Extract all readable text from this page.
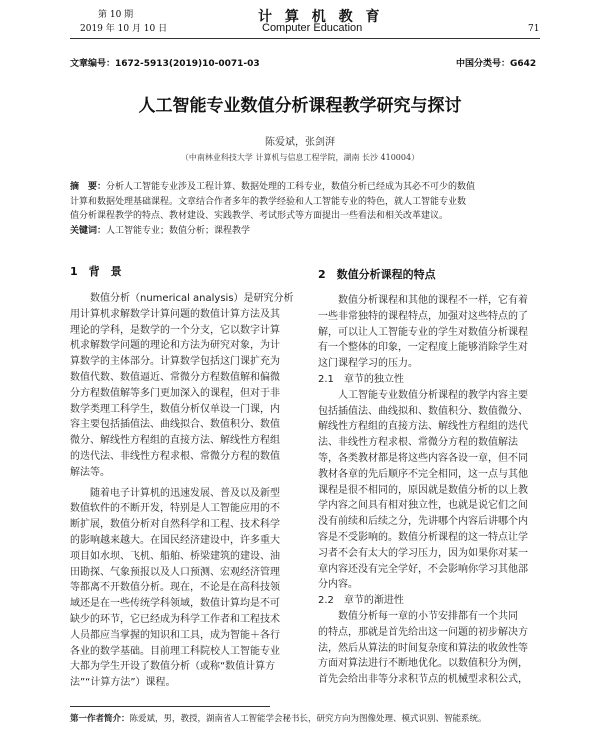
第 10 期
2019 年 10 月 10 日
计 算 机 教 育
Computer Education	71
文章编号：1672-5913(2019)10-0071-03	中国分类号：G642
人工智能专业数值分析课程教学研究与探讨
陈爱斌，张剑湃
（中南林业科技大学 计算机与信息工程学院，湖南 长沙 410004）
摘　要：分析人工智能专业涉及工程计算、数据处理的工科专业，数值分析已经成为其必不可少的数值
计算和数据处理基础课程。文章结合作者多年的教学经验和人工智能专业的特色，就人工智能专业数
值分析课程教学的特点、教材建设、实践教学、考试形式等方面提出一些看法和相关改革建议。
关键词：人工智能专业；数值分析；课程教学
1　背　景
数值分析（numerical analysis）是研究分析
用计算机求解数学计算问题的数值计算方法及其
理论的学科，是数学的一个分支，它以数字计算
机求解数学问题的理论和方法为研究对象，为计
算数学的主体部分。计算数学包括这门课扩充为
数值代数、数值逼近、常微分方程数值解和偏微
分方程数值解等多门更加深入的课程，但对于非
数学类理工科学生，数值分析仅单设一门课，内
容主要包括插值法、曲线拟合、数值积分、数值
微分、解线性方程组的直接方法、解线性方程组
的迭代法、非线性方程求根、常微分方程的数值
解法等。
随着电子计算机的迅速发展、普及以及新型
数值软件的不断开发，特别是人工智能应用的不
断扩展，数值分析对自然科学和工程、技术科学
的影响越来越大。在国民经济建设中，许多重大
项目如水坝、飞机、船舶、桥梁建筑的建设、油
田勘探、气象预报以及人口预测、宏观经济管理
等都离不开数值分析。现在，不论是在高科技领
域还是在一些传统学科领域，数值计算均是不可
缺少的环节，它已经成为科学工作者和工程技术
人员都应当掌握的知识和工具，成为智能＋各行
各业的数学基础。目前理工科院校人工智能专业
大都为学生开设了数值分析（或称“数值计算方
法”“计算方法”）课程。
2　数值分析课程的特点
数值分析课程和其他的课程不一样，它有着
一些非常独特的课程特点，加强对这些特点的了
解，可以让人工智能专业的学生对数值分析课程
有一个整体的印象，一定程度上能够消除学生对
这门课程学习的压力。
2.1　章节的独立性
人工智能专业数值分析课程的教学内容主要
包括插值法、曲线拟和、数值积分、数值微分、
解线性方程组的直接方法、解线性方程组的迭代
法、非线性方程求根、常微分方程的数值解法
等，各类教材都是将这些内容各设一章，但不同
教材各章的先后顺序不完全相同，这一点与其他
课程是很不相同的，原因就是数值分析的以上教
学内容之间具有相对独立性，也就是说它们之间
没有前续和后续之分，先讲哪个内容后讲哪个内
容是不受影响的。数值分析课程的这一特点让学
习者不会有太大的学习压力，因为如果你对某一
章内容还没有完全学好，不会影响你学习其他部
分内容。
2.2　章节的渐进性
数值分析每一章的小节安排都有一个共同
的特点，那就是首先给出这一问题的初步解决方
法，然后从算法的时间复杂度和算法的收敛性等
方面对算法进行不断地优化。以数值积分为例，
首先会给出非等分求积节点的机械型求积公式，
第一作者简介：陈爱斌，男，教授，湖南省人工智能学会秘书长，研究方向为图像处理、模式识别、智能系统。
